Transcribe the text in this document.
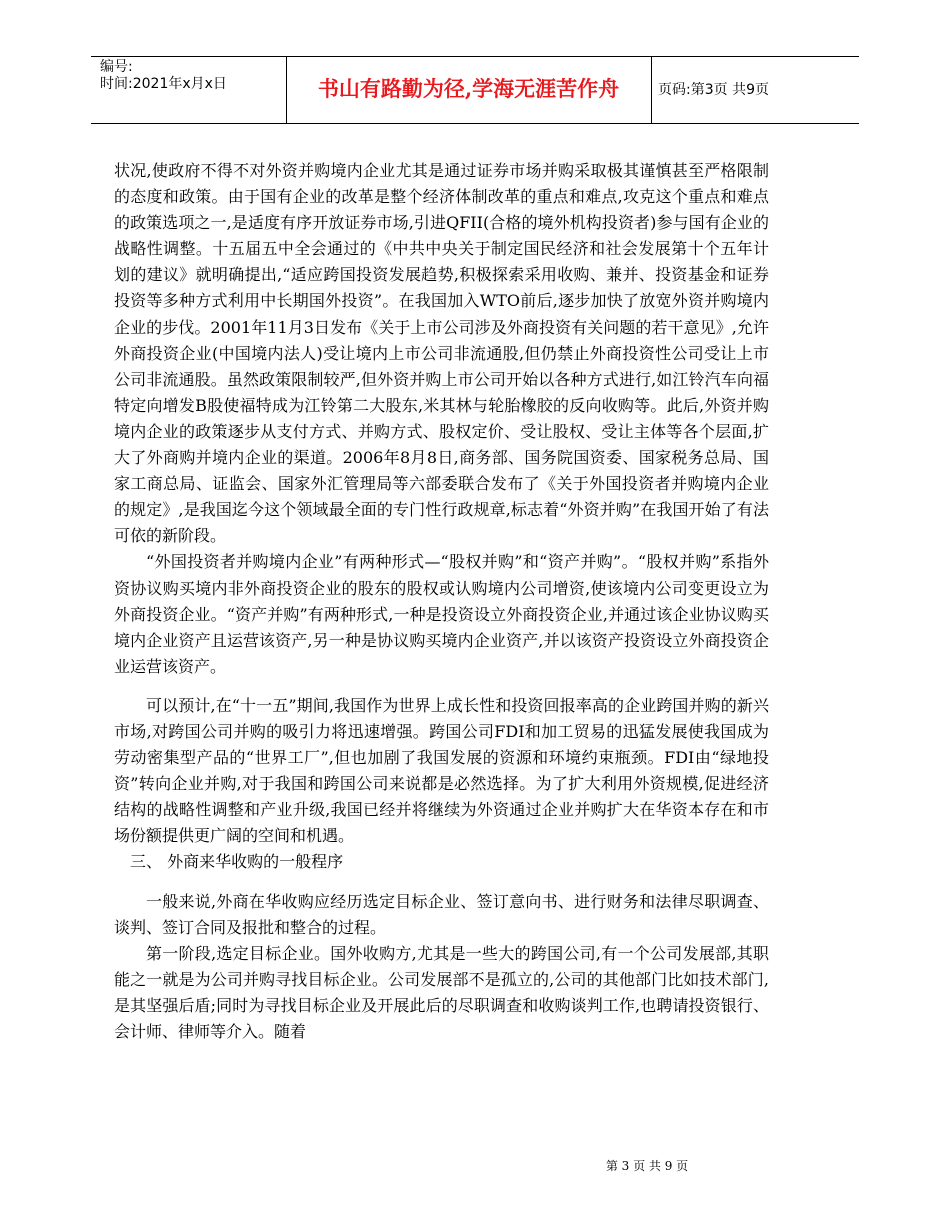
编号:
时间:2021年x月x日	书山有路勤为径,学海无涯苦作舟	页码:第3页 共9页

状况,使政府不得不对外资并购境内企业尤其是通过证券市场并购采取极其谨慎甚至严格限制的态度和政策。由于国有企业的改革是整个经济体制改革的重点和难点,攻克这个重点和难点的政策选项之一,是适度有序开放证券市场,引进QFII(合格的境外机构投资者)参与国有企业的战略性调整。十五届五中全会通过的《中共中央关于制定国民经济和社会发展第十个五年计划的建议》就明确提出,“适应跨国投资发展趋势,积极探索采用收购、兼并、投资基金和证券投资等多种方式利用中长期国外投资”。在我国加入WTO前后,逐步加快了放宽外资并购境内企业的步伐。2001年11月3日发布《关于上市公司涉及外商投资有关问题的若干意见》,允许外商投资企业(中国境内法人)受让境内上市公司非流通股,但仍禁止外商投资性公司受让上市公司非流通股。虽然政策限制较严,但外资并购上市公司开始以各种方式进行,如江铃汽车向福特定向增发B股使福特成为江铃第二大股东,米其林与轮胎橡胶的反向收购等。此后,外资并购境内企业的政策逐步从支付方式、并购方式、股权定价、受让股权、受让主体等各个层面,扩大了外商购并境内企业的渠道。2006年8月8日,商务部、国务院国资委、国家税务总局、国家工商总局、证监会、国家外汇管理局等六部委联合发布了《关于外国投资者并购境内企业的规定》,是我国迄今这个领域最全面的专门性行政规章,标志着“外资并购”在我国开始了有法可依的新阶段。

“外国投资者并购境内企业”有两种形式—“股权并购”和“资产并购”。“股权并购”系指外资协议购买境内非外商投资企业的股东的股权或认购境内公司增资,使该境内公司变更设立为外商投资企业。“资产并购”有两种形式,一种是投资设立外商投资企业,并通过该企业协议购买境内企业资产且运营该资产,另一种是协议购买境内企业资产,并以该资产投资设立外商投资企业运营该资产。

可以预计,在“十一五”期间,我国作为世界上成长性和投资回报率高的企业跨国并购的新兴市场,对跨国公司并购的吸引力将迅速增强。跨国公司FDI和加工贸易的迅猛发展使我国成为劳动密集型产品的“世界工厂”,但也加剧了我国发展的资源和环境约束瓶颈。FDI由“绿地投资”转向企业并购,对于我国和跨国公司来说都是必然选择。为了扩大利用外资规模,促进经济结构的战略性调整和产业升级,我国已经并将继续为外资通过企业并购扩大在华资本存在和市场份额提供更广阔的空间和机遇。

三、 外商来华收购的一般程序

一般来说,外商在华收购应经历选定目标企业、签订意向书、进行财务和法律尽职调查、谈判、签订合同及报批和整合的过程。

第一阶段,选定目标企业。国外收购方,尤其是一些大的跨国公司,有一个公司发展部,其职能之一就是为公司并购寻找目标企业。公司发展部不是孤立的,公司的其他部门比如技术部门,是其坚强后盾;同时为寻找目标企业及开展此后的尽职调查和收购谈判工作,也聘请投资银行、会计师、律师等介入。随着

第 3 页 共 9 页
